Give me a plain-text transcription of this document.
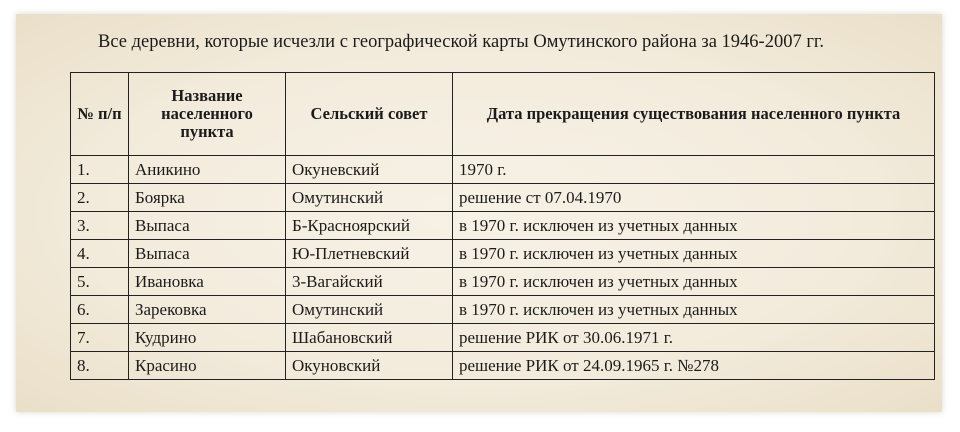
Все деревни, которые исчезли с географической карты Омутинского района за 1946-2007 гг.
№ п/п	Название населенного пункта	Сельский совет	Дата прекращения существования населенного пункта
1.	Аникино	Окуневский	1970 г.
2.	Боярка	Омутинский	решение ст 07.04.1970
3.	Выпаса	Б-Красноярский	в 1970 г. исключен из учетных данных
4.	Выпаса	Ю-Плетневский	в 1970 г. исключен из учетных данных
5.	Ивановка	3-Вагайский	в 1970 г. исключен из учетных данных
6.	Зарековка	Омутинский	в 1970 г. исключен из учетных данных
7.	Кудрино	Шабановский	решение РИК от 30.06.1971 г.
8.	Красино	Окуновский	решение РИК от 24.09.1965 г. №278
